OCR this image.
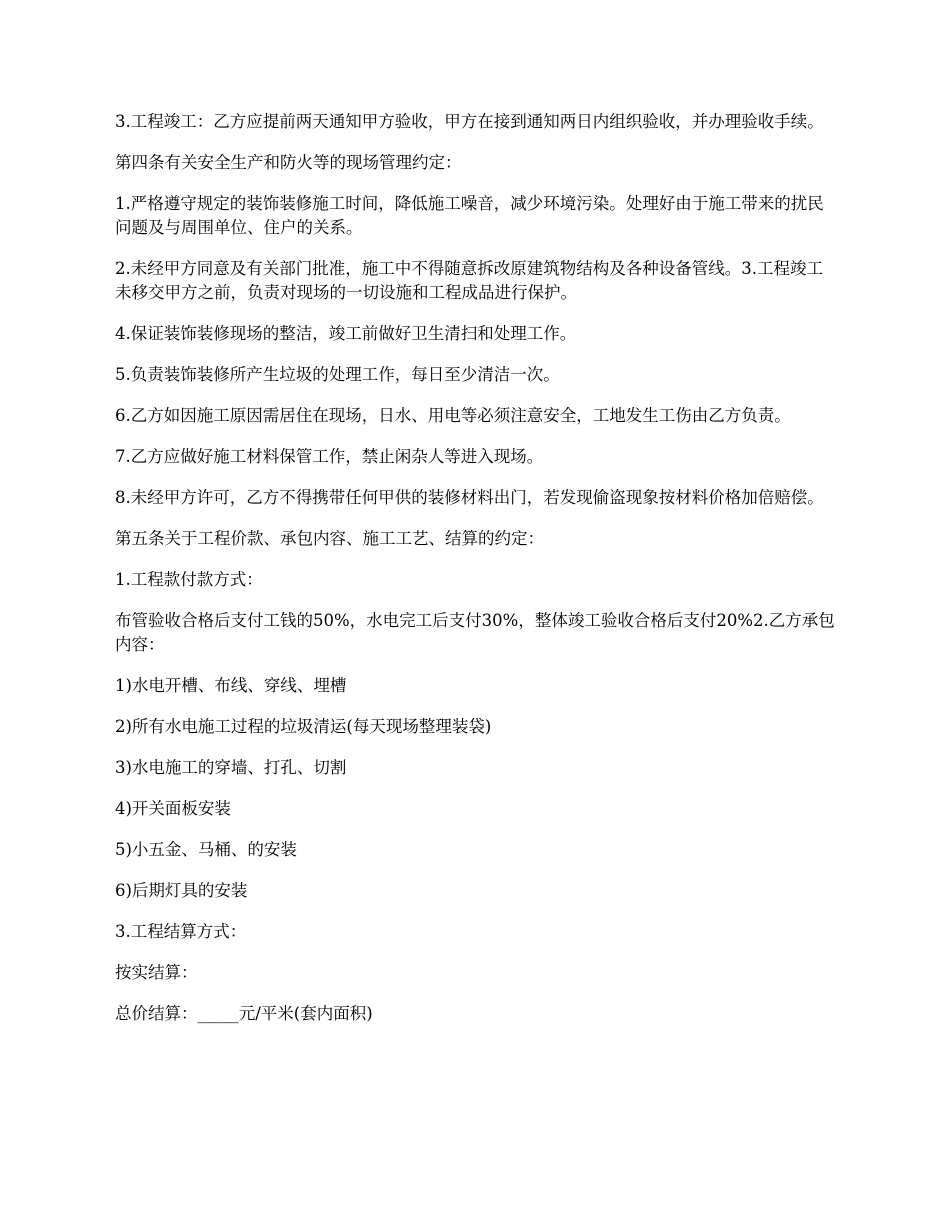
3.工程竣工：乙方应提前两天通知甲方验收，甲方在接到通知两日内组织验收，并办理验收手续。

第四条有关安全生产和防火等的现场管理约定：

1.严格遵守规定的装饰装修施工时间，降低施工噪音，减少环境污染。处理好由于施工带来的扰民问题及与周围单位、住户的关系。

2.未经甲方同意及有关部门批准，施工中不得随意拆改原建筑物结构及各种设备管线。3.工程竣工未移交甲方之前，负责对现场的一切设施和工程成品进行保护。

4.保证装饰装修现场的整洁，竣工前做好卫生清扫和处理工作。

5.负责装饰装修所产生垃圾的处理工作，每日至少清洁一次。

6.乙方如因施工原因需居住在现场，日水、用电等必须注意安全，工地发生工伤由乙方负责。

7.乙方应做好施工材料保管工作，禁止闲杂人等进入现场。

8.未经甲方许可，乙方不得携带任何甲供的装修材料出门，若发现偷盗现象按材料价格加倍赔偿。

第五条关于工程价款、承包内容、施工工艺、结算的约定：

1.工程款付款方式：

布管验收合格后支付工钱的50%，水电完工后支付30%，整体竣工验收合格后支付20%2.乙方承包内容：

1)水电开槽、布线、穿线、埋槽

2)所有水电施工过程的垃圾清运(每天现场整理装袋)

3)水电施工的穿墙、打孔、切割

4)开关面板安装

5)小五金、马桶、的安装

6)后期灯具的安装

3.工程结算方式：

按实结算：

总价结算：_____元/平米(套内面积)
